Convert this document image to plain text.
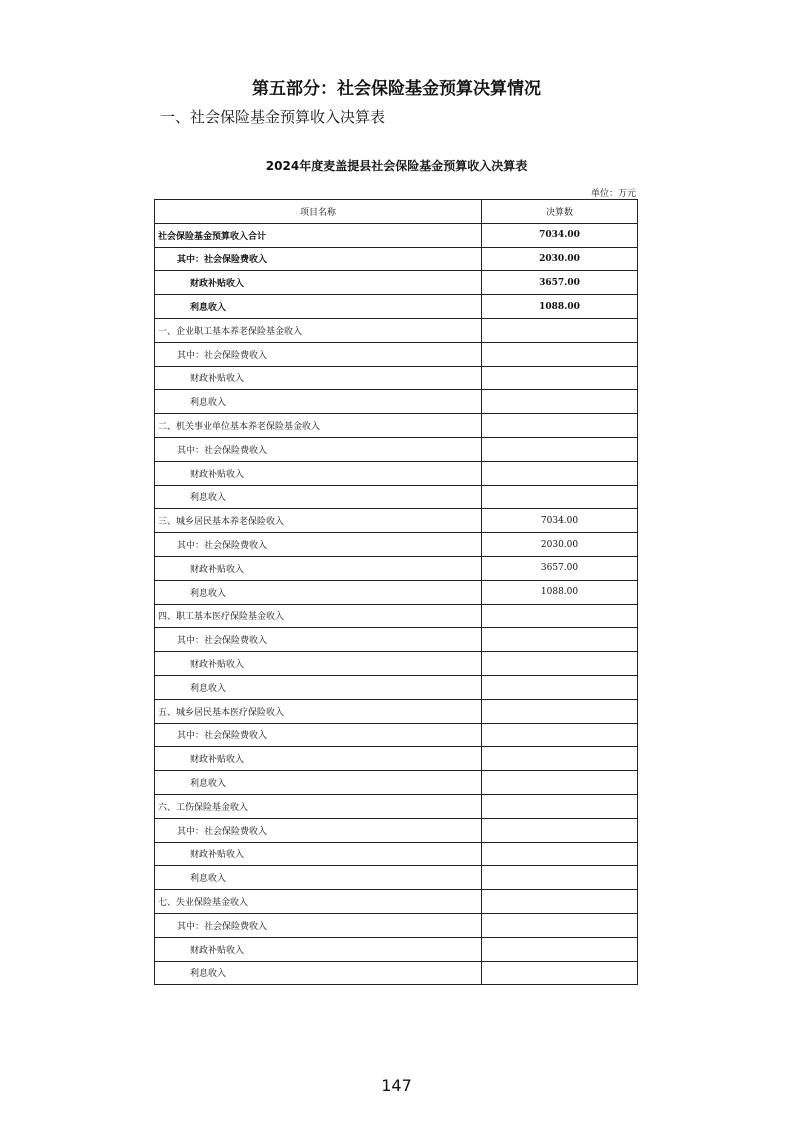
第五部分：社会保险基金预算决算情况
一、社会保险基金预算收入决算表
2024年度麦盖提县社会保险基金预算收入决算表
单位：万元
项目名称	决算数
社会保险基金预算收入合计	7034.00
其中：社会保险费收入	2030.00
财政补贴收入	3657.00
利息收入	1088.00
一、企业职工基本养老保险基金收入	
其中：社会保险费收入	
财政补贴收入	
利息收入	
二、机关事业单位基本养老保险基金收入	
其中：社会保险费收入	
财政补贴收入	
利息收入	
三、城乡居民基本养老保险收入	7034.00
其中：社会保险费收入	2030.00
财政补贴收入	3657.00
利息收入	1088.00
四、职工基本医疗保险基金收入	
其中：社会保险费收入	
财政补贴收入	
利息收入	
五、城乡居民基本医疗保险收入	
其中：社会保险费收入	
财政补贴收入	
利息收入	
六、工伤保险基金收入	
其中：社会保险费收入	
财政补贴收入	
利息收入	
七、失业保险基金收入	
其中：社会保险费收入	
财政补贴收入	
利息收入	
147
